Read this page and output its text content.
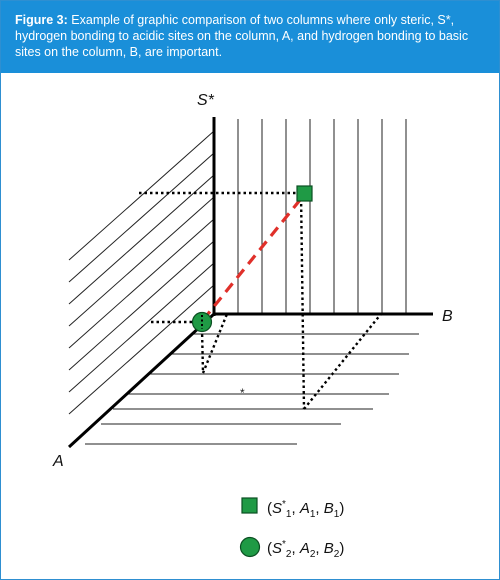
Figure 3: Example of graphic comparison of two columns where only steric, S*, hydrogen bonding to acidic sites on the column, A, and hydrogen bonding to basic sites on the column, B, are important.
*
S*
B
A
($S^*_1$, $A_1$, $B_1$)
($S^*_2$, $A_2$, $B_2$)
